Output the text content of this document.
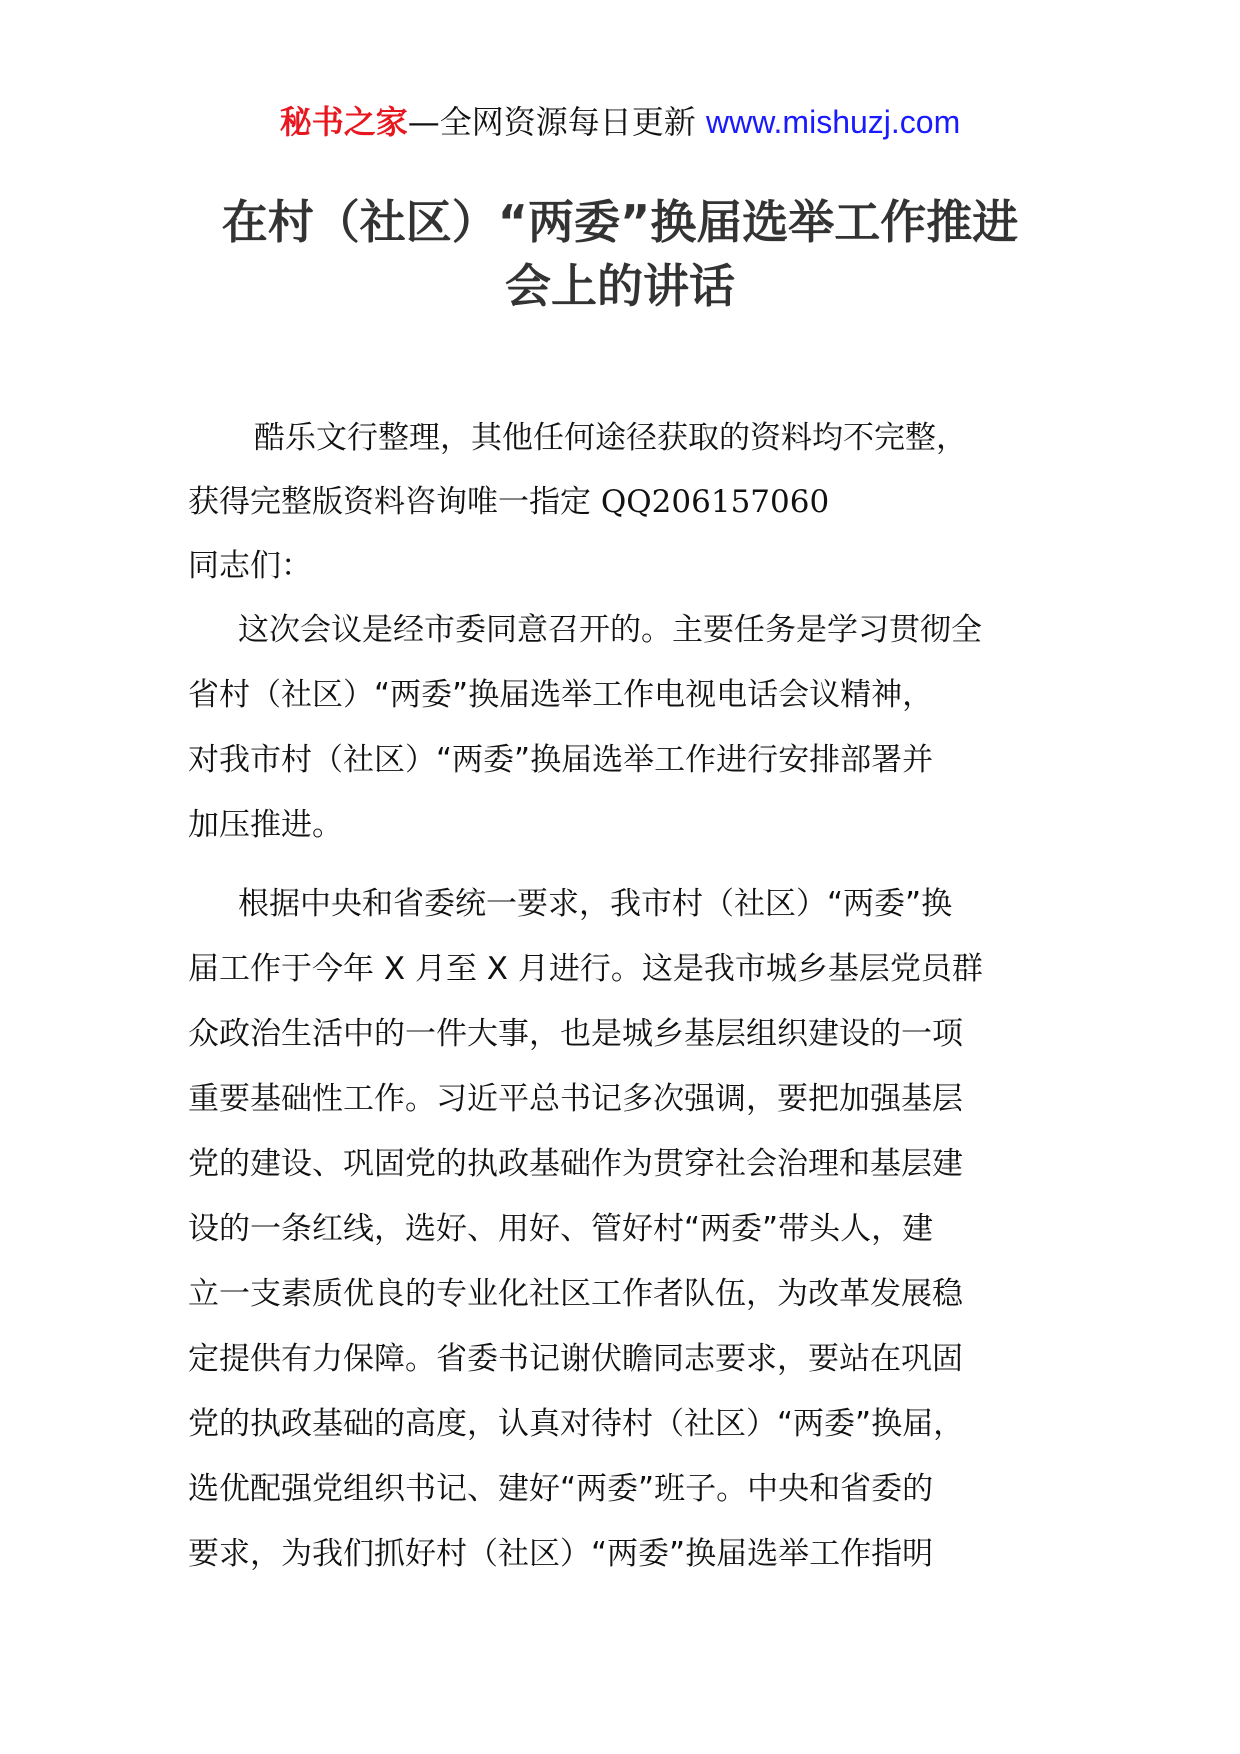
秘书之家—全网资源每日更新 www.mishuzj.com
在村（社区）“两委”换届选举工作推进
会上的讲话

酷乐文行整理，其他任何途径获取的资料均不完整，
获得完整版资料咨询唯一指定 QQ206157060

同志们：

这次会议是经市委同意召开的。主要任务是学习贯彻全
省村（社区）“两委”换届选举工作电视电话会议精神，
对我市村（社区）“两委”换届选举工作进行安排部署并
加压推进。

根据中央和省委统一要求，我市村（社区）“两委”换
届工作于今年 X 月至 X 月进行。这是我市城乡基层党员群
众政治生活中的一件大事，也是城乡基层组织建设的一项
重要基础性工作。习近平总书记多次强调，要把加强基层
党的建设、巩固党的执政基础作为贯穿社会治理和基层建
设的一条红线，选好、用好、管好村“两委”带头人，建
立一支素质优良的专业化社区工作者队伍，为改革发展稳
定提供有力保障。省委书记谢伏瞻同志要求，要站在巩固
党的执政基础的高度，认真对待村（社区）“两委”换届，
选优配强党组织书记、建好“两委”班子。中央和省委的
要求，为我们抓好村（社区）“两委”换届选举工作指明
